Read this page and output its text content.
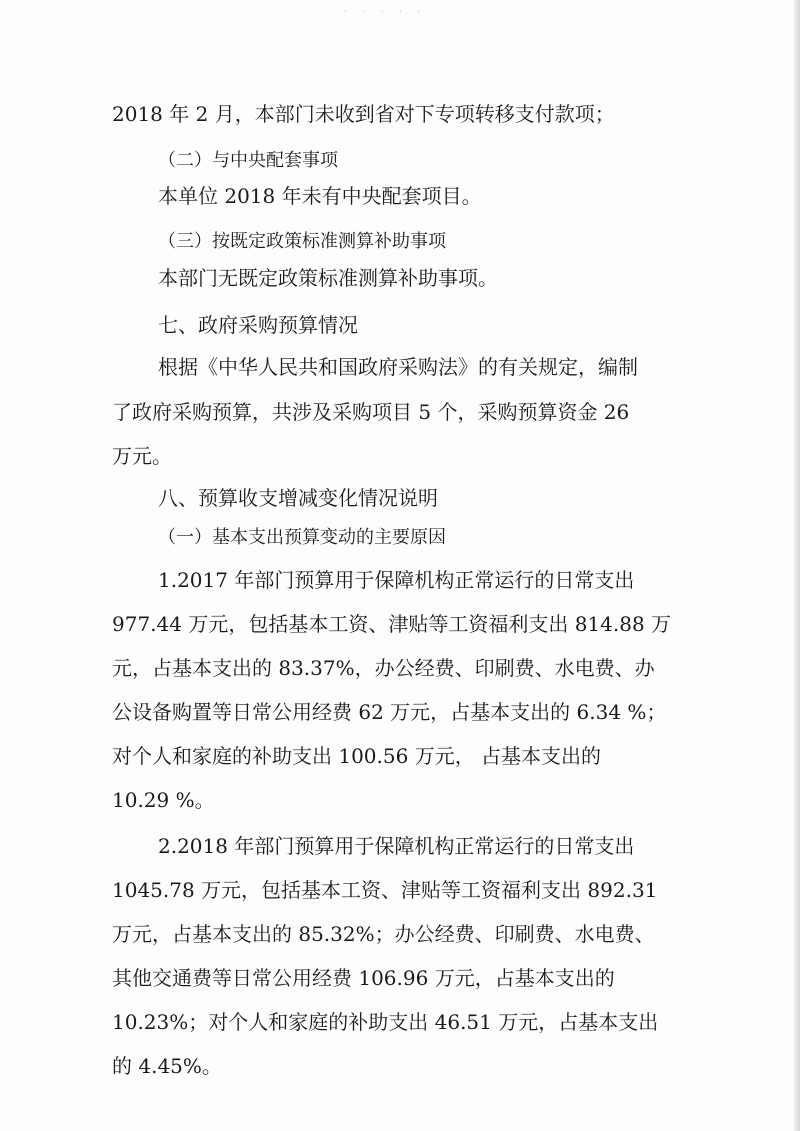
· · · · ·
2018 年 2 月，本部门未收到省对下专项转移支付款项；
（二）与中央配套事项
本单位 2018 年未有中央配套项目。
（三）按既定政策标准测算补助事项
本部门无既定政策标准测算补助事项。
七、政府采购预算情况
根据《中华人民共和国政府采购法》的有关规定，编制
了政府采购预算，共涉及采购项目 5 个，采购预算资金 26
万元。
八、预算收支增减变化情况说明
（一）基本支出预算变动的主要原因
1.2017 年部门预算用于保障机构正常运行的日常支出
977.44 万元，包括基本工资、津贴等工资福利支出 814.88 万
元，占基本支出的 83.37%，办公经费、印刷费、水电费、办
公设备购置等日常公用经费 62 万元，占基本支出的 6.34 %；
对个人和家庭的补助支出 100.56 万元， 占基本支出的
10.29 %。
2.2018 年部门预算用于保障机构正常运行的日常支出
1045.78 万元，包括基本工资、津贴等工资福利支出 892.31
万元，占基本支出的 85.32%；办公经费、印刷费、水电费、
其他交通费等日常公用经费 106.96 万元，占基本支出的
10.23%；对个人和家庭的补助支出 46.51 万元，占基本支出
的 4.45%。
